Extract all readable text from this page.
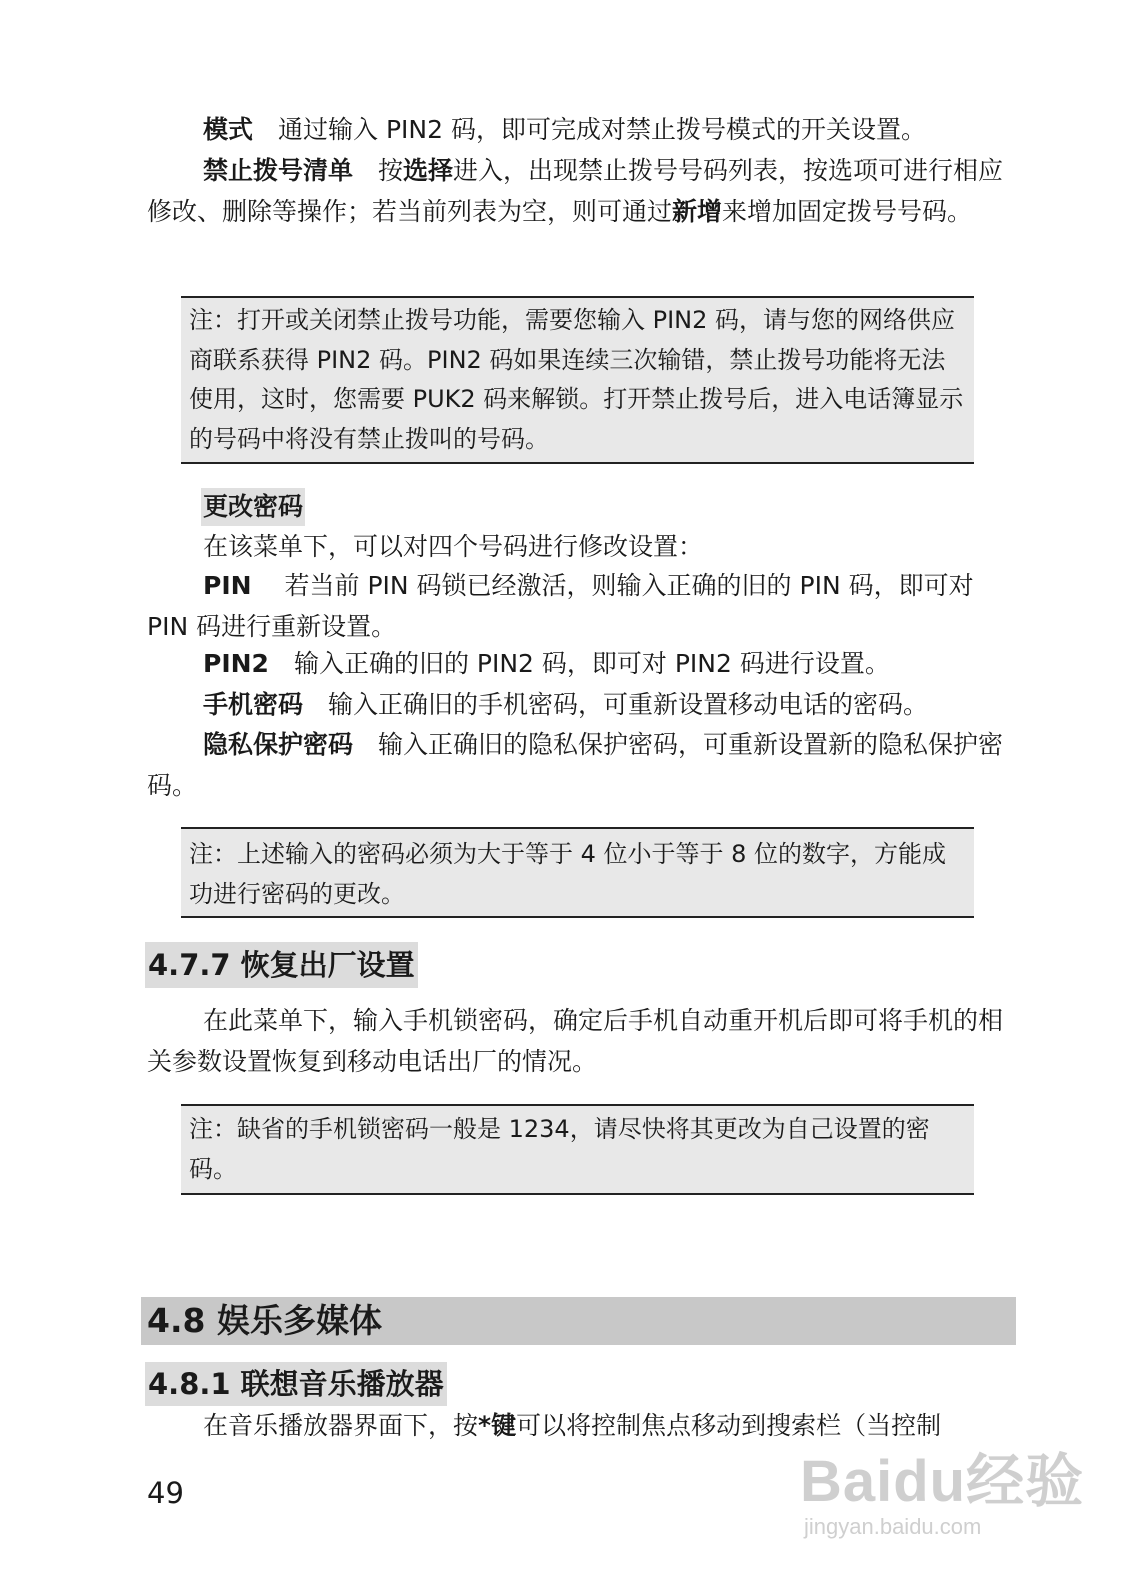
模式　通过输入 PIN2 码，即可完成对禁止拨号模式的开关设置。

禁止拨号清单　按选择进入，出现禁止拨号号码列表，按选项可进行相应修改、删除等操作；若当前列表为空，则可通过新增来增加固定拨号号码。

注：打开或关闭禁止拨号功能，需要您输入 PIN2 码，请与您的网络供应商联系获得 PIN2 码。PIN2 码如果连续三次输错，禁止拨号功能将无法使用，这时，您需要 PUK2 码来解锁。打开禁止拨号后，进入电话簿显示的号码中将没有禁止拨叫的号码。
更改密码

在该菜单下，可以对四个号码进行修改设置：

PIN　 若当前 PIN 码锁已经激活，则输入正确的旧的 PIN 码，即可对 PIN 码进行重新设置。

PIN2　输入正确的旧的 PIN2 码，即可对 PIN2 码进行设置。

手机密码　输入正确旧的手机密码，可重新设置移动电话的密码。

隐私保护密码　输入正确旧的隐私保护密码，可重新设置新的隐私保护密码。

注：上述输入的密码必须为大于等于 4 位小于等于 8 位的数字，方能成功进行密码的更改。
4.7.7 恢复出厂设置

在此菜单下，输入手机锁密码，确定后手机自动重开机后即可将手机的相关参数设置恢复到移动电话出厂的情况。

注：缺省的手机锁密码一般是 1234，请尽快将其更改为自己设置的密码。
4.8 娱乐多媒体
4.8.1 联想音乐播放器

在音乐播放器界面下，按*键可以将控制焦点移动到搜索栏（当控制

49	Baidu经验
jingyan.baidu.com
